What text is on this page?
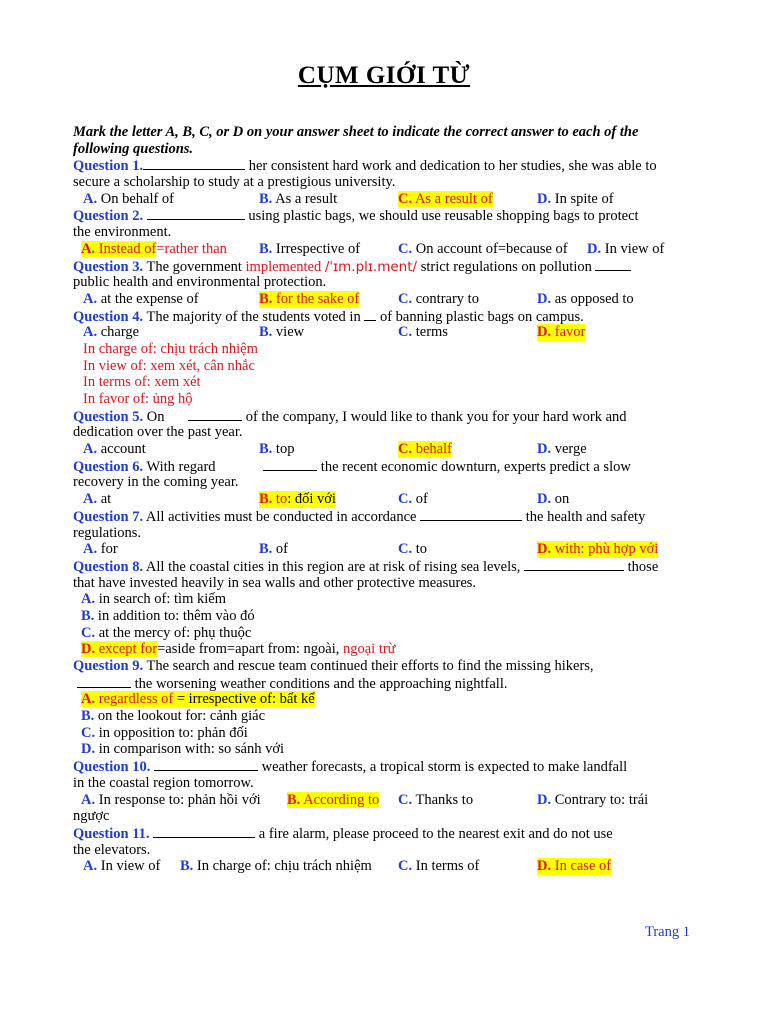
CỤM GIỚI TỪ
Mark the letter A, B, C, or D on your answer sheet to indicate the correct answer to each of the following questions.
Question 1.	her consistent hard work and dedication to her studies, she was able to
secure a scholarship to study at a prestigious university.
A. On behalf of	B. As a result	C. As a result of	D. In spite of
Question 2.	using plastic bags, we should use reusable shopping bags to protect
the environment.
A. Instead of=rather than B. Irrespective of	C. On account of=because of D. In view of
Question 3. The government implemented /ˈɪm.plɪ.ment/ strict regulations on pollution
public health and environmental protection.
A. at the expense of	B. for the sake of	C. contrary to	D. as opposed to
Question 4. The majority of the students voted in of banning plastic bags on campus.
A. charge	B. view	C. terms	D. favor
In charge of: chịu trách nhiệm
In view of: xem xét, cân nhắc
In terms of: xem xét
In favor of: ủng hộ
Question 5. On	of the company, I would like to thank you for your hard work and
dedication over the past year.
A. account	B. top	C. behalf	D. verge
Question 6. With regard	the recent economic downturn, experts predict a slow
recovery in the coming year.
A. at	B. to: đối với	C. of	D. on
Question 7. All activities must be conducted in accordance	the health and safety
regulations.
A. for	B. of	C. to	D. with: phù hợp với
Question 8. All the coastal cities in this region are at risk of rising sea levels,	those
that have invested heavily in sea walls and other protective measures.
A. in search of: tìm kiếm
B. in addition to: thêm vào đó
C. at the mercy of: phụ thuộc
D. except for=aside from=apart from: ngoài, ngoại trừ
Question 9. The search and rescue team continued their efforts to find the missing hikers,
the worsening weather conditions and the approaching nightfall.
A. regardless of = irrespective of: bất kể
B. on the lookout for: cảnh giác
C. in opposition to: phản đối
D. in comparison with: so sánh với
Question 10.	weather forecasts, a tropical storm is expected to make landfall
in the coastal region tomorrow.
A. In response to: phản hồi với B. According to C. Thanks to	D. Contrary to: trái
ngược
Question 11.	a fire alarm, please proceed to the nearest exit and do not use
the elevators.
A. In view of B. In charge of: chịu trách nhiệm C. In terms of	D. In case of
Trang 1
